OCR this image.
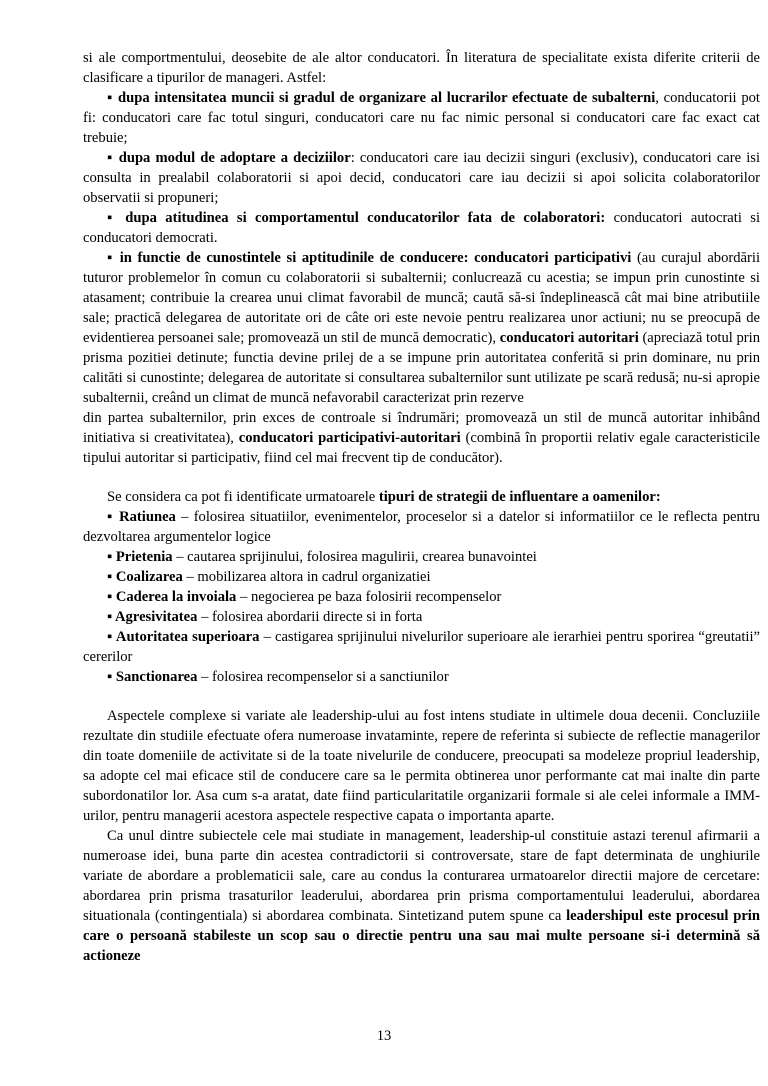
si ale comportmentului, deosebite de ale altor conducatori. În literatura de specialitate exista diferite criterii de clasificare a tipurilor de manageri. Astfel:

▪ dupa intensitatea muncii si gradul de organizare al lucrarilor efectuate de subalterni, conducatorii pot fi: conducatori care fac totul singuri, conducatori care nu fac nimic personal si conducatori care fac exact cat trebuie;

▪ dupa modul de adoptare a deciziilor: conducatori care iau decizii singuri (exclusiv), conducatori care isi consulta in prealabil colaboratorii si apoi decid, conducatori care iau decizii si apoi solicita colaboratorilor observatii si propuneri;

▪ dupa atitudinea si comportamentul conducatorilor fata de colaboratori: conducatori autocrati si conducatori democrati.

▪ in functie de cunostintele si aptitudinile de conducere: conducatori participativi (au curajul abordării tuturor problemelor în comun cu colaboratorii si subalternii; conlucrează cu acestia; se impun prin cunostinte si atasament; contribuie la crearea unui climat favorabil de muncă; caută să-si îndeplinească cât mai bine atributiile sale; practică delegarea de autoritate ori de câte ori este nevoie pentru realizarea unor actiuni; nu se preocupă de evidentierea persoanei sale; promovează un stil de muncă democratic), conducatori autoritari (apreciază totul prin prisma pozitiei detinute; functia devine prilej de a se impune prin autoritatea conferită si prin dominare, nu prin calităti si cunostinte; delegarea de autoritate si consultarea subalternilor sunt utilizate pe scară redusă; nu-si apropie subalternii, creând un climat de muncă nefavorabil caracterizat prin rezerve

din partea subalternilor, prin exces de controale si îndrumări; promovează un stil de muncă autoritar inhibând initiativa si creativitatea), conducatori participativi-autoritari (combină în proportii relativ egale caracteristicile tipului autoritar si participativ, fiind cel mai frecvent tip de conducător).

Se considera ca pot fi identificate urmatoarele tipuri de strategii de influentare a oamenilor:

▪ Ratiunea – folosirea situatiilor, evenimentelor, proceselor si a datelor si informatiilor ce le reflecta pentru dezvoltarea argumentelor logice

▪ Prietenia – cautarea sprijinului, folosirea magulirii, crearea bunavointei

▪ Coalizarea – mobilizarea altora in cadrul organizatiei

▪ Caderea la invoiala – negocierea pe baza folosirii recompenselor

▪ Agresivitatea – folosirea abordarii directe si in forta

▪ Autoritatea superioara – castigarea sprijinului nivelurilor superioare ale ierarhiei pentru sporirea “greutatii” cererilor

▪ Sanctionarea – folosirea recompenselor si a sanctiunilor

Aspectele complexe si variate ale leadership-ului au fost intens studiate in ultimele doua decenii. Concluziile rezultate din studiile efectuate ofera numeroase invataminte, repere de referinta si subiecte de reflectie managerilor din toate domeniile de activitate si de la toate nivelurile de conducere, preocupati sa modeleze propriul leadership, sa adopte cel mai eficace stil de conducere care sa le permita obtinerea unor performante cat mai inalte din parte subordonatilor lor. Asa cum s-a aratat, date fiind particularitatile organizarii formale si ale celei informale a IMM-urilor, pentru managerii acestora aspectele respective capata o importanta aparte.

Ca unul dintre subiectele cele mai studiate in management, leadership-ul constituie astazi terenul afirmarii a numeroase idei, buna parte din acestea contradictorii si controversate, stare de fapt determinata de unghiurile variate de abordare a problematicii sale, care au condus la conturarea urmatoarelor directii majore de cercetare: abordarea prin prisma trasaturilor leaderului, abordarea prin prisma comportamentului leaderului, abordarea situationala (contingentiala) si abordarea combinata. Sintetizand putem spune ca leadershipul este procesul prin care o persoană stabileste un scop sau o directie pentru una sau mai multe persoane si-i determină să actioneze

13
